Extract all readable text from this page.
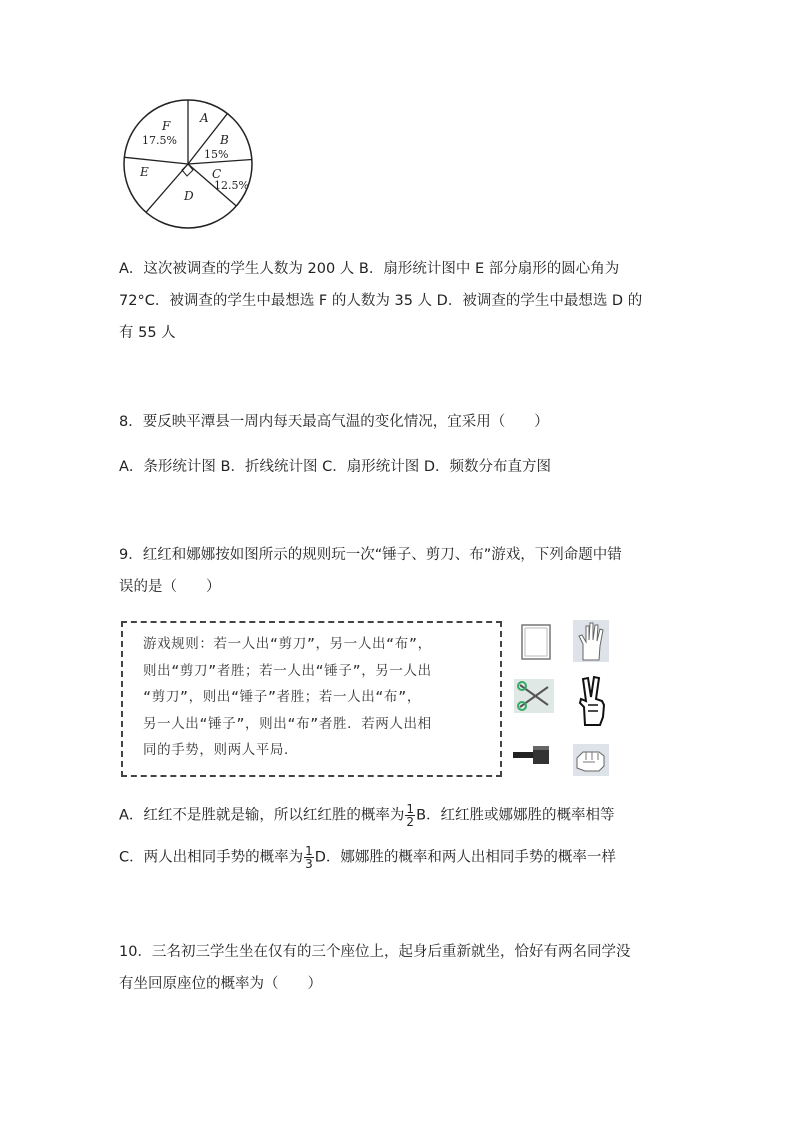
A
B
15%
C
12.5%
D
E
F
17.5%
A．这次被调查的学生人数为 200 人 B．扇形统计图中 E 部分扇形的圆心角为
72°C．被调查的学生中最想选 F 的人数为 35 人 D．被调查的学生中最想选 D 的
有 55 人
8．要反映平潭县一周内每天最高气温的变化情况，宜采用（　　）
A．条形统计图 B．折线统计图 C．扇形统计图 D．频数分布直方图
9．红红和娜娜按如图所示的规则玩一次“锤子、剪刀、布”游戏，下列命题中错
误的是（　　）
游戏规则：若一人出“剪刀”，另一人出“布”，
则出“剪刀”者胜；若一人出“锤子”，另一人出
“剪刀”，则出“锤子”者胜；若一人出“布”，
另一人出“锤子”，则出“布”者胜．若两人出相
同的手势，则两人平局．
A．红红不是胜就是输，所以红红胜的概率为 $\frac{1}{2}$ B．红红胜或娜娜胜的概率相等
C．两人出相同手势的概率为 $\frac{1}{3}$ D．娜娜胜的概率和两人出相同手势的概率一样
10．三名初三学生坐在仅有的三个座位上，起身后重新就坐，恰好有两名同学没
有坐回原座位的概率为（　　）
